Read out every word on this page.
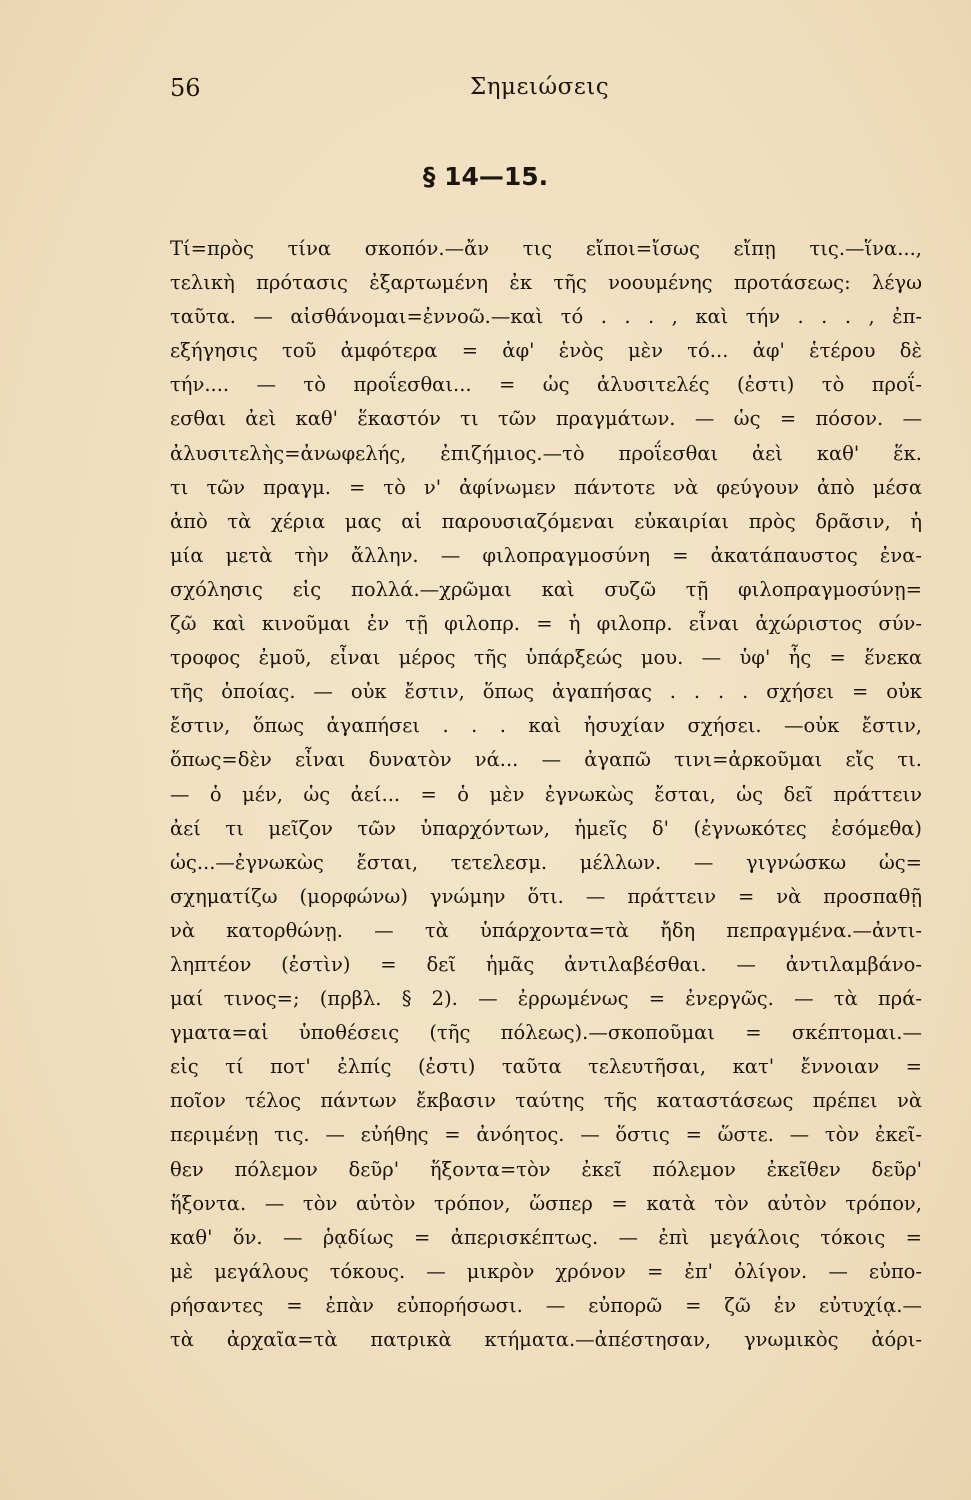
56	Σημειώσεις
§ 14—15.
Τί=πρὸς τίνα σκοπόν.—ἄν τις εἴποι=ἴσως εἴπῃ τις.—ἵνα...,
τελικὴ πρότασις ἐξαρτωμένη ἐκ τῆς νοουμένης προτάσεως: λέγω
ταῦτα. — αἰσθάνομαι=ἐννοῶ.—καὶ τό . . . , καὶ τήν . . . , ἐπ-
εξήγησις τοῦ ἀμφότερα = ἀφ' ἑνὸς μὲν τό... ἀφ' ἑτέρου δὲ
τήν.... — τὸ προΐεσθαι... = ὡς ἀλυσιτελές (ἐστι) τὸ προΐ-
εσθαι ἀεὶ καθ' ἕκαστόν τι τῶν πραγμάτων. — ὡς = πόσον. —
ἀλυσιτελὴς=ἀνωφελής, ἐπιζήμιος.—τὸ προΐεσθαι ἀεὶ καθ' ἕκ.
τι τῶν πραγμ. = τὸ ν' ἀφίνωμεν πάντοτε νὰ φεύγουν ἀπὸ μέσα
ἀπὸ τὰ χέρια μας αἱ παρουσιαζόμεναι εὐκαιρίαι πρὸς δρᾶσιν, ἡ
μία μετὰ τὴν ἄλλην. — φιλοπραγμοσύνη = ἀκατάπαυστος ἐνα-
σχόλησις εἰς πολλά.—χρῶμαι καὶ συζῶ τῇ φιλοπραγμοσύνῃ=
ζῶ καὶ κινοῦμαι ἐν τῇ φιλοπρ. = ἡ φιλοπρ. εἶναι ἀχώριστος σύν-
τροφος ἐμοῦ, εἶναι μέρος τῆς ὑπάρξεώς μου. — ὑφ' ἧς = ἕνεκα
τῆς ὁποίας. — οὐκ ἔστιν, ὅπως ἀγαπήσας . . . . σχήσει = οὐκ
ἔστιν, ὅπως ἀγαπήσει . . . καὶ ἡσυχίαν σχήσει. —οὐκ ἔστιν,
ὅπως=δὲν εἶναι δυνατὸν νά... — ἀγαπῶ τινι=ἀρκοῦμαι εἴς τι.
— ὁ μέν, ὡς ἀεί... = ὁ μὲν ἐγνωκὼς ἔσται, ὡς δεῖ πράττειν
ἀεί τι μεῖζον τῶν ὑπαρχόντων, ἡμεῖς δ' (ἐγνωκότες ἐσόμεθα)
ὡς...—ἐγνωκὼς ἔσται, τετελεσμ. μέλλων. — γιγνώσκω ὡς=
σχηματίζω (μορφώνω) γνώμην ὅτι. — πράττειν = νὰ προσπαθῇ
νὰ κατορθώνῃ. — τὰ ὑπάρχοντα=τὰ ἤδη πεπραγμένα.—ἀντι-
ληπτέον (ἐστὶν) = δεῖ ἡμᾶς ἀντιλαβέσθαι. — ἀντιλαμβάνο-
μαί τινος=; (πρβλ. § 2). — ἐρρωμένως = ἐνεργῶς. — τὰ πρά-
γματα=αἱ ὑποθέσεις (τῆς πόλεως).—σκοποῦμαι = σκέπτομαι.—
εἰς τί ποτ' ἐλπίς (ἐστι) ταῦτα τελευτῆσαι, κατ' ἔννοιαν =
ποῖον τέλος πάντων ἔκβασιν ταύτης τῆς καταστάσεως πρέπει νὰ
περιμένῃ τις. — εὐήθης = ἀνόητος. — ὅστις = ὥστε. — τὸν ἐκεῖ-
θεν πόλεμον δεῦρ' ἥξοντα=τὸν ἐκεῖ πόλεμον ἐκεῖθεν δεῦρ'
ἥξοντα. — τὸν αὐτὸν τρόπον, ὥσπερ = κατὰ τὸν αὐτὸν τρόπον,
καθ' ὅν. — ῥᾳδίως = ἀπερισκέπτως. — ἐπὶ μεγάλοις τόκοις =
μὲ μεγάλους τόκους. — μικρὸν χρόνον = ἐπ' ὀλίγον. — εὐπο-
ρήσαντες = ἐπὰν εὐπορήσωσι. — εὐπορῶ = ζῶ ἐν εὐτυχίᾳ.—
τὰ ἀρχαῖα=τὰ πατρικὰ κτήματα.—ἀπέστησαν, γνωμικὸς ἀόρι-
